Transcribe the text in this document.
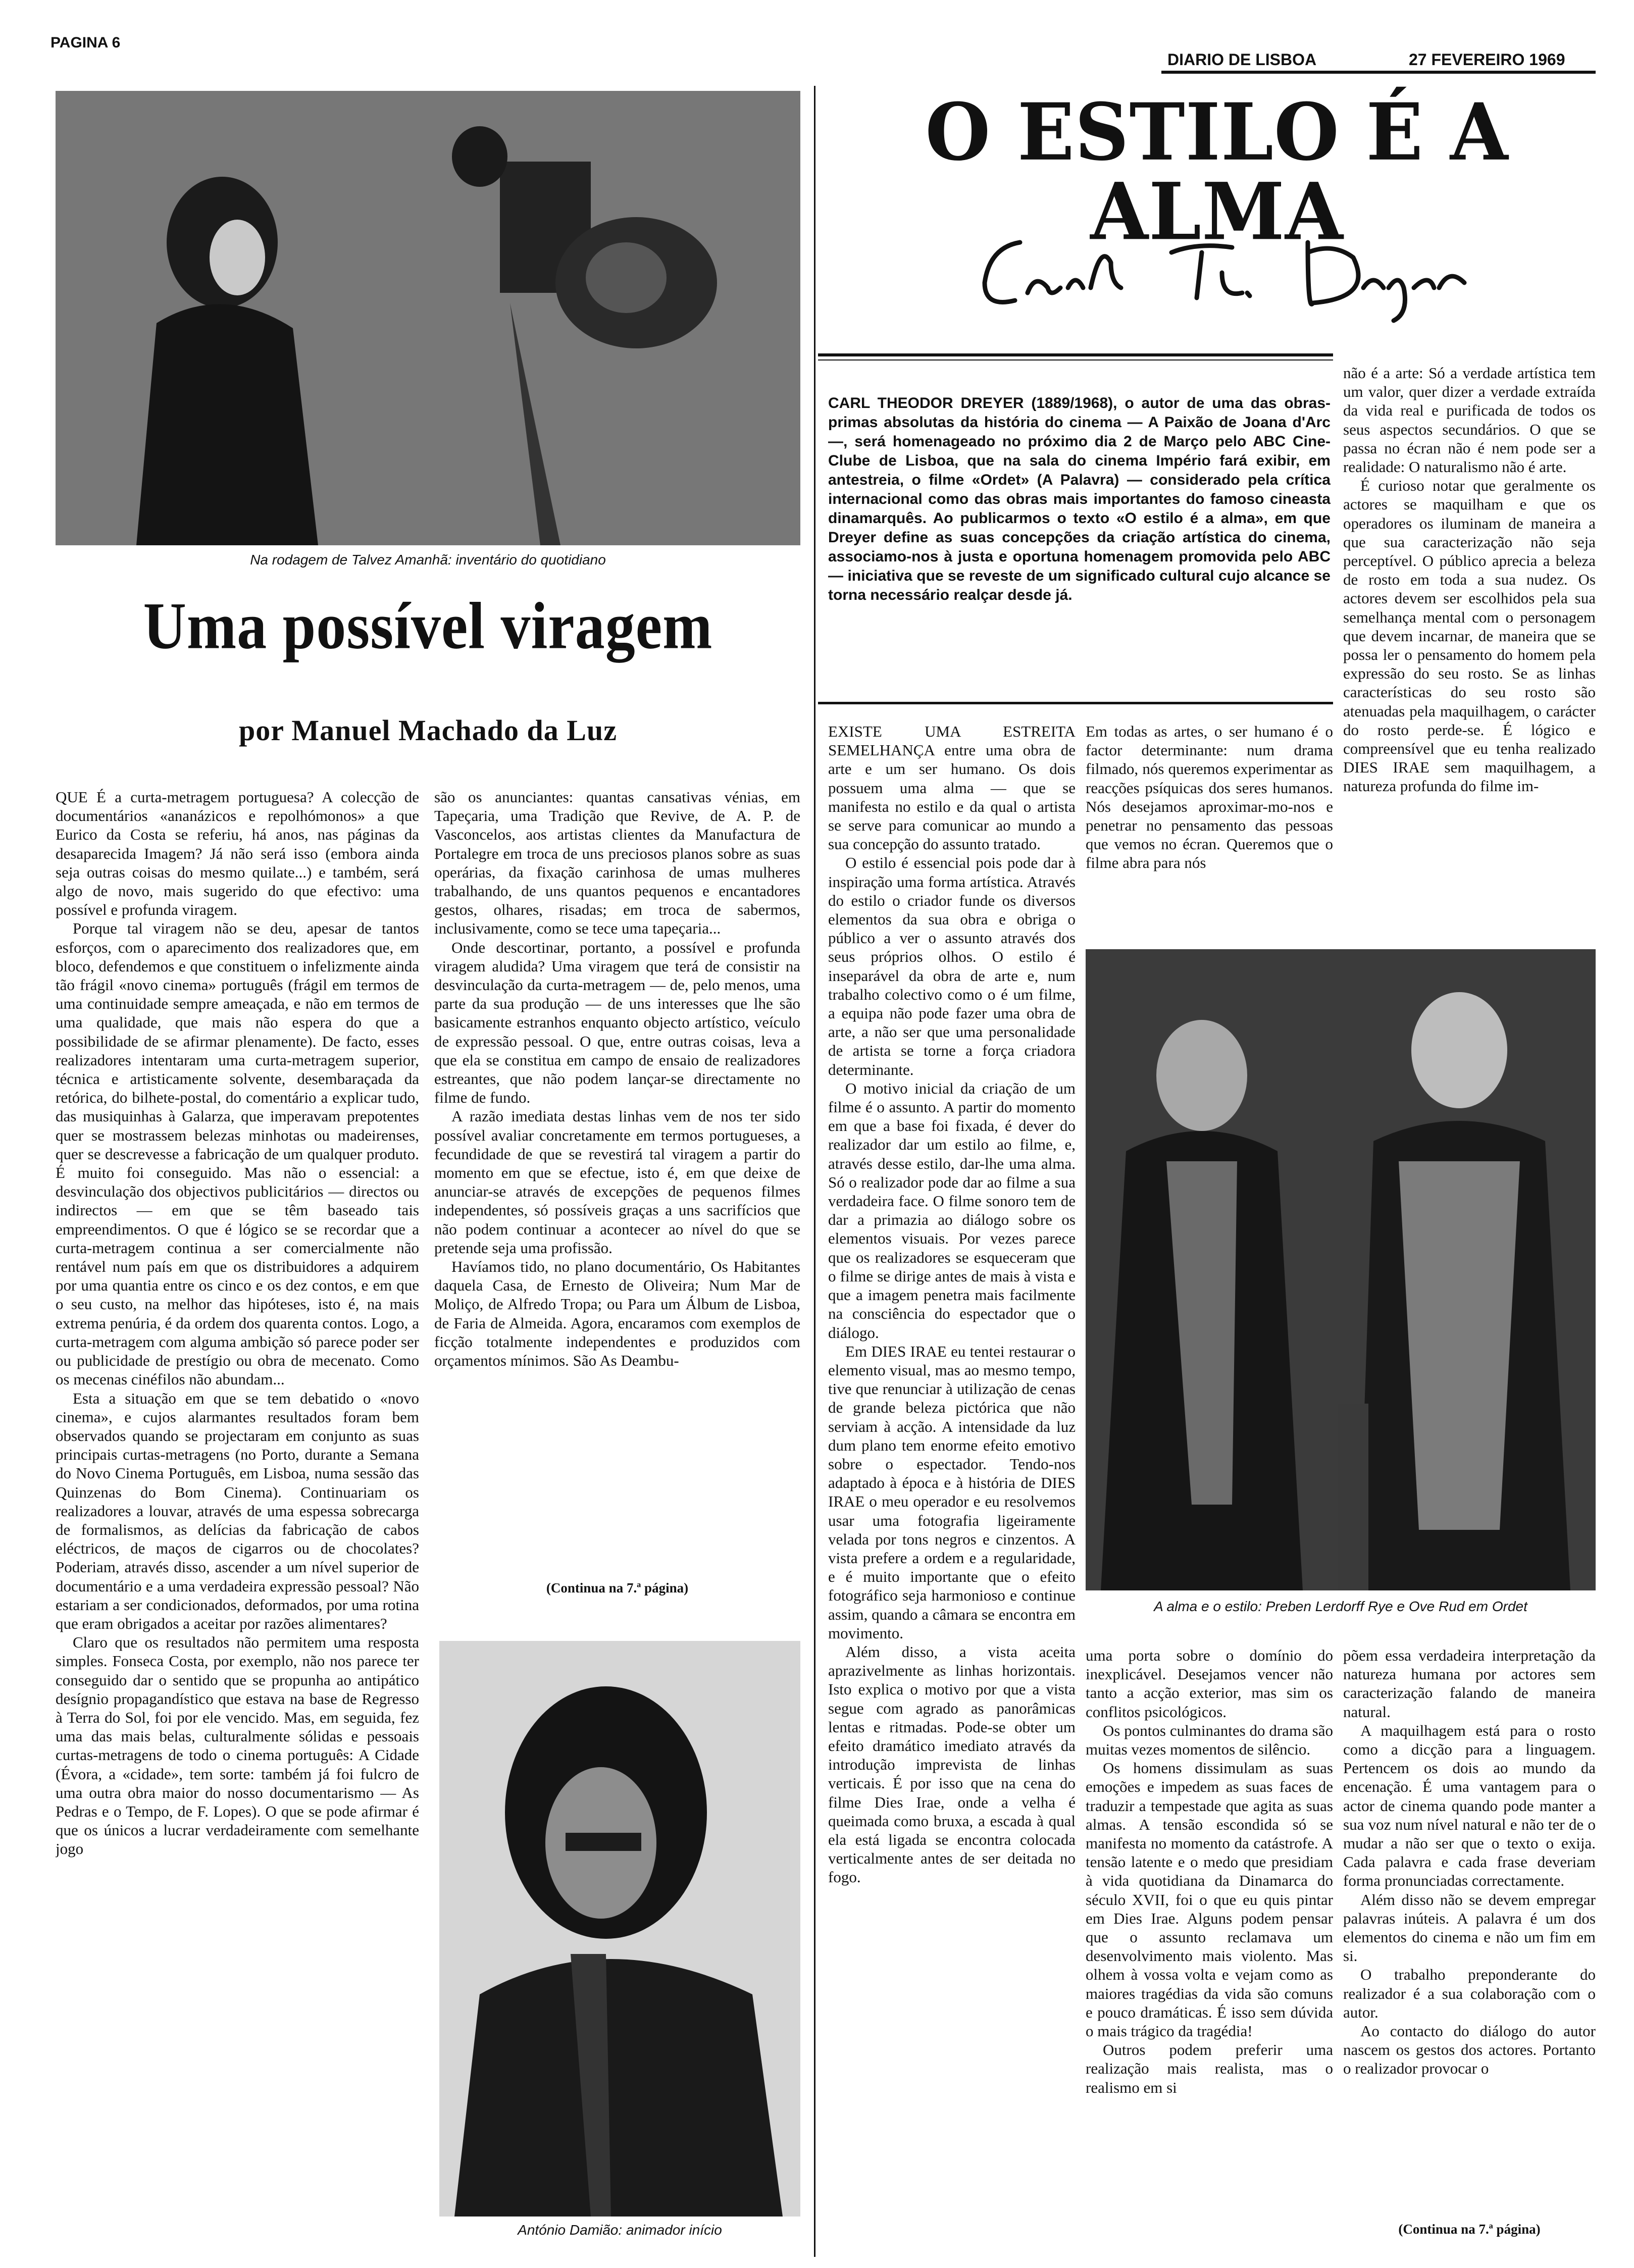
PAGINA 6
DIARIO DE LISBOA	27 FEVEREIRO 1969
Na rodagem de Talvez Amanhã: inventário do quotidiano
Uma possível viragem
por Manuel Machado da Luz

QUE É a curta-metragem portuguesa? A colecção de documentários «ananázicos e repolhómonos» a que Eurico da Costa se referiu, há anos, nas páginas da desaparecida Imagem? Já não será isso (embora ainda seja outras coisas do mesmo quilate...) e também, será algo de novo, mais sugerido do que efectivo: uma possível e profunda viragem.

Porque tal viragem não se deu, apesar de tantos esforços, com o aparecimento dos realizadores que, em bloco, defendemos e que constituem o infelizmente ainda tão frágil «novo cinema» português (frágil em termos de uma continuidade sempre ameaçada, e não em termos de uma qualidade, que mais não espera do que a possibilidade de se afirmar plenamente). De facto, esses realizadores intentaram uma curta-metragem superior, técnica e artisticamente solvente, desembaraçada da retórica, do bilhete-postal, do comentário a explicar tudo, das musiquinhas à Galarza, que imperavam prepotentes quer se mostrassem belezas minhotas ou madeirenses, quer se descrevesse a fabricação de um qualquer produto. É muito foi conseguido. Mas não o essencial: a desvinculação dos objectivos publicitários — directos ou indirectos — em que se têm baseado tais empreendimentos. O que é lógico se se recordar que a curta-metragem continua a ser comercialmente não rentável num país em que os distribuidores a adquirem por uma quantia entre os cinco e os dez contos, e em que o seu custo, na melhor das hipóteses, isto é, na mais extrema penúria, é da ordem dos quarenta contos. Logo, a curta-metragem com alguma ambição só parece poder ser ou publicidade de prestígio ou obra de mecenato. Como os mecenas cinéfilos não abundam...

Esta a situação em que se tem debatido o «novo cinema», e cujos alarmantes resultados foram bem observados quando se projectaram em conjunto as suas principais curtas-metragens (no Porto, durante a Semana do Novo Cinema Português, em Lisboa, numa sessão das Quinzenas do Bom Cinema). Continuariam os realizadores a louvar, através de uma espessa sobrecarga de formalismos, as delícias da fabricação de cabos eléctricos, de maços de cigarros ou de chocolates? Poderiam, através disso, ascender a um nível superior de documentário e a uma verdadeira expressão pessoal? Não estariam a ser condicionados, deformados, por uma rotina que eram obrigados a aceitar por razões alimentares?

Claro que os resultados não permitem uma resposta simples. Fonseca Costa, por exemplo, não nos parece ter conseguido dar o sentido que se propunha ao antipático desígnio propagandístico que estava na base de Regresso à Terra do Sol, foi por ele vencido. Mas, em seguida, fez uma das mais belas, culturalmente sólidas e pessoais curtas-metragens de todo o cinema português: A Cidade (Évora, a «cidade», tem sorte: também já foi fulcro de uma outra obra maior do nosso documentarismo — As Pedras e o Tempo, de F. Lopes). O que se pode afirmar é que os únicos a lucrar verdadeiramente com semelhante jogo

são os anunciantes: quantas cansativas vénias, em Tapeçaria, uma Tradição que Revive, de A. P. de Vasconcelos, aos artistas clientes da Manufactura de Portalegre em troca de uns preciosos planos sobre as suas operárias, da fixação carinhosa de umas mulheres trabalhando, de uns quantos pequenos e encantadores gestos, olhares, risadas; em troca de sabermos, inclusivamente, como se tece uma tapeçaria...

Onde descortinar, portanto, a possível e profunda viragem aludida? Uma viragem que terá de consistir na desvinculação da curta-metragem — de, pelo menos, uma parte da sua produção — de uns interesses que lhe são basicamente estranhos enquanto objecto artístico, veículo de expressão pessoal. O que, entre outras coisas, leva a que ela se constitua em campo de ensaio de realizadores estreantes, que não podem lançar-se directamente no filme de fundo.

A razão imediata destas linhas vem de nos ter sido possível avaliar concretamente em termos portugueses, a fecundidade de que se revestirá tal viragem a partir do momento em que se efectue, isto é, em que deixe de anunciar-se através de excepções de pequenos filmes independentes, só possíveis graças a uns sacrifícios que não podem continuar a acontecer ao nível do que se pretende seja uma profissão.

Havíamos tido, no plano documentário, Os Habitantes daquela Casa, de Ernesto de Oliveira; Num Mar de Moliço, de Alfredo Tropa; ou Para um Álbum de Lisboa, de Faria de Almeida. Agora, encaramos com exemplos de ficção totalmente independentes e produzidos com orçamentos mínimos. São As Deambu-

(Continua na 7.ª página)
António Damião: animador início
O ESTILO É A ALMA

CARL THEODOR DREYER (1889/1968), o autor de uma das obras-primas absolutas da história do cinema — A Paixão de Joana d'Arc —, será homenageado no próximo dia 2 de Março pelo ABC Cine-Clube de Lisboa, que na sala do cinema Império fará exibir, em antestreia, o filme «Ordet» (A Palavra) — considerado pela crítica internacional como das obras mais importantes do famoso cineasta dinamarquês. Ao publicarmos o texto «O estilo é a alma», em que Dreyer define as suas concepções da criação artística do cinema, associamo-nos à justa e oportuna homenagem promovida pelo ABC — iniciativa que se reveste de um significado cultural cujo alcance se torna necessário realçar desde já.

não é a arte: Só a verdade artística tem um valor, quer dizer a verdade extraída da vida real e purificada de todos os seus aspectos secundários. O que se passa no écran não é nem pode ser a realidade: O naturalismo não é arte.

É curioso notar que geralmente os actores se maquilham e que os operadores os iluminam de maneira a que sua caracterização não seja perceptível. O público aprecia a beleza de rosto em toda a sua nudez. Os actores devem ser escolhidos pela sua semelhança mental com o personagem que devem incarnar, de maneira que se possa ler o pensamento do homem pela expressão do seu rosto. Se as linhas características do seu rosto são atenuadas pela maquilhagem, o carácter do rosto perde-se. É lógico e compreensível que eu tenha realizado DIES IRAE sem maquilhagem, a natureza profunda do filme im-

EXISTE UMA ESTREITA SEMELHANÇA entre uma obra de arte e um ser humano. Os dois possuem uma alma — que se manifesta no estilo e da qual o artista se serve para comunicar ao mundo a sua concepção do assunto tratado.

O estilo é essencial pois pode dar à inspiração uma forma artística. Através do estilo o criador funde os diversos elementos da sua obra e obriga o público a ver o assunto através dos seus próprios olhos. O estilo é inseparável da obra de arte e, num trabalho colectivo como o é um filme, a equipa não pode fazer uma obra de arte, a não ser que uma personalidade de artista se torne a força criadora determinante.

O motivo inicial da criação de um filme é o assunto. A partir do momento em que a base foi fixada, é dever do realizador dar um estilo ao filme, e, através desse estilo, dar-lhe uma alma. Só o realizador pode dar ao filme a sua verdadeira face. O filme sonoro tem de dar a primazia ao diálogo sobre os elementos visuais. Por vezes parece que os realizadores se esqueceram que o filme se dirige antes de mais à vista e que a imagem penetra mais facilmente na consciência do espectador que o diálogo.

Em DIES IRAE eu tentei restaurar o elemento visual, mas ao mesmo tempo, tive que renunciar à utilização de cenas de grande beleza pictórica que não serviam à acção. A intensidade da luz dum plano tem enorme efeito emotivo sobre o espectador. Tendo-nos adaptado à época e à história de DIES IRAE o meu operador e eu resolvemos usar uma fotografia ligeiramente velada por tons negros e cinzentos. A vista prefere a ordem e a regularidade, e é muito importante que o efeito fotográfico seja harmonioso e continue assim, quando a câmara se encontra em movimento.

Além disso, a vista aceita aprazivelmente as linhas horizontais. Isto explica o motivo por que a vista segue com agrado as panorâmicas lentas e ritmadas. Pode-se obter um efeito dramático imediato através da introdução imprevista de linhas verticais. É por isso que na cena do filme Dies Irae, onde a velha é queimada como bruxa, a escada à qual ela está ligada se encontra colocada verticalmente antes de ser deitada no fogo.

Em todas as artes, o ser humano é o factor determinante: num drama filmado, nós queremos experimentar as reacções psíquicas dos seres humanos. Nós desejamos aproximar-mo-nos e penetrar no pensamento das pessoas que vemos no écran. Queremos que o filme abra para nós

A alma e o estilo: Preben Lerdorff Rye e Ove Rud em Ordet

uma porta sobre o domínio do inexplicável. Desejamos vencer não tanto a acção exterior, mas sim os conflitos psicológicos.

Os pontos culminantes do drama são muitas vezes momentos de silêncio.

Os homens dissimulam as suas emoções e impedem as suas faces de traduzir a tempestade que agita as suas almas. A tensão escondida só se manifesta no momento da catástrofe. A tensão latente e o medo que presidiam à vida quotidiana da Dinamarca do século XVII, foi o que eu quis pintar em Dies Irae. Alguns podem pensar que o assunto reclamava um desenvolvimento mais violento. Mas olhem à vossa volta e vejam como as maiores tragédias da vida são comuns e pouco dramáticas. É isso sem dúvida o mais trágico da tragédia!

Outros podem preferir uma realização mais realista, mas o realismo em si

põem essa verdadeira interpretação da natureza humana por actores sem caracterização falando de maneira natural.

A maquilhagem está para o rosto como a dicção para a linguagem. Pertencem os dois ao mundo da encenação. É uma vantagem para o actor de cinema quando pode manter a sua voz num nível natural e não ter de o mudar a não ser que o texto o exija. Cada palavra e cada frase deveriam forma pronunciadas correctamente.

Além disso não se devem empregar palavras inúteis. A palavra é um dos elementos do cinema e não um fim em si.

O trabalho preponderante do realizador é a sua colaboração com o autor.

Ao contacto do diálogo do autor nascem os gestos dos actores. Portanto o realizador provocar o

(Continua na 7.ª página)
